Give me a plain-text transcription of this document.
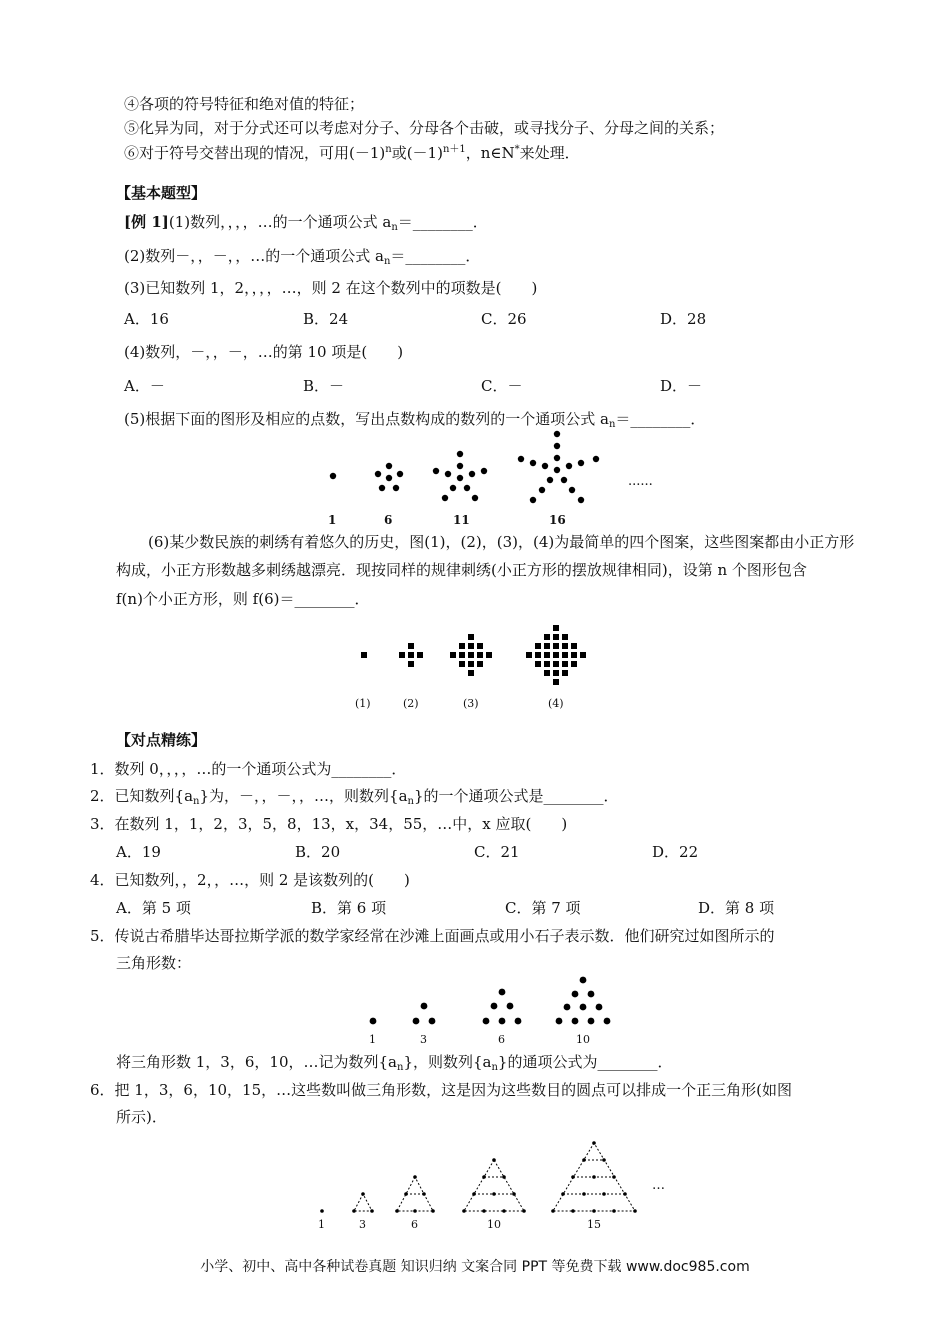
④各项的符号特征和绝对值的特征；
⑤化异为同，对于分式还可以考虑对分子、分母各个击破，或寻找分子、分母之间的关系；
⑥对于符号交替出现的情况，可用$(-1)^n$或$(-1)^{n+1}$，n∈N*来处理．
【基本题型】
[例 1](1)数列，，，，…的一个通项公式 $a_n=\_\_\_\_\_\_\_\_$．
(2)数列－，，－，，…的一个通项公式 $a_n=\_\_\_\_\_\_\_\_$．
(3)已知数列 1，2，，，，…，则 2 在这个数列中的项数是(　　)
A．16	B．24	C．26	D．28
(4)数列，－，，－，…的第 10 项是(　　)
A．－	B．－	C．－	D．－
(5)根据下面的图形及相应的点数，写出点数构成的数列的一个通项公式 $a_n=\_\_\_\_\_\_\_\_$．
1	6	11	16
......
(6)某少数民族的刺绣有着悠久的历史，图(1)，(2)，(3)，(4)为最简单的四个图案，这些图案都由小正方形
构成，小正方形数越多刺绣越漂亮．现按同样的规律刺绣(小正方形的摆放规律相同)，设第 n 个图形包含
f(n)个小正方形，则 f(6)＝________．
(1)	(2)	(3)	(4)
【对点精练】
1．数列 0，，，，…的一个通项公式为________．
2．已知数列$\{a_n\}$为，－，，－，，…，则数列$\{a_n\}$的一个通项公式是________．
3．在数列 1，1，2，3，5，8，13，x，34，55，…中，x 应取(　　)
A．19	B．20	C．21	D．22
4．已知数列，，2，，…，则 2 是该数列的(　　)
A．第 5 项	B．第 6 项	C．第 7 项	D．第 8 项
5．传说古希腊毕达哥拉斯学派的数学家经常在沙滩上面画点或用小石子表示数．他们研究过如图所示的
三角形数：
1	3	6	10
将三角形数 1，3，6，10，…记为数列$\{a_n\}$，则数列$\{a_n\}$的通项公式为________．
6．把 1，3，6，10，15，…这些数叫做三角形数，这是因为这些数目的圆点可以排成一个正三角形(如图
所示)．
1	3	6	10	15
…
小学、初中、高中各种试卷真题 知识归纳 文案合同 PPT 等免费下载 www.doc985.com
